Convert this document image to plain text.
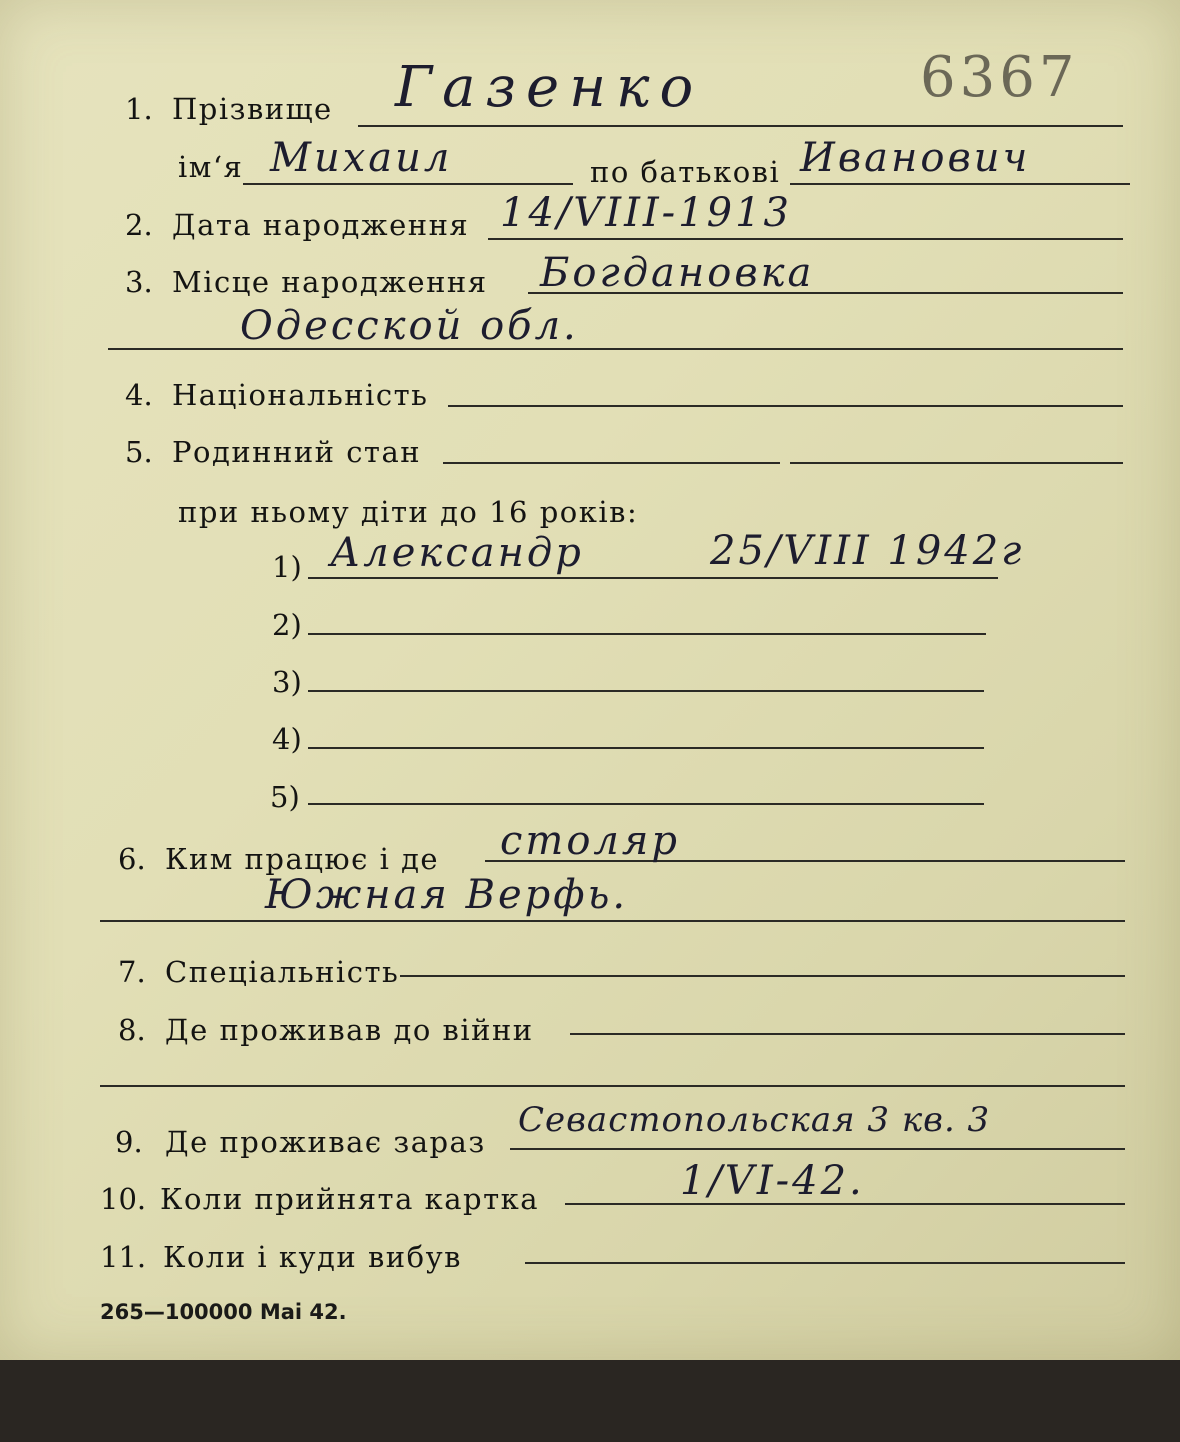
1. Прізвище Газенко	6367
ім‘я Михаил	по батькові Иванович
2. Дата народження 14/VIII-1913
3. Місце народження Богдановка
Одесской обл.
4. Національність
5. Родинний стан
при ньому діти до 16 років:
1) Александр	25/VIII 1942г
2)
3)
4)
5)
6. Ким працює і де столяр
Южная Верфь.
7. Спеціальність
8. Де проживав до війни
9. Де проживає зараз
Севастопольская 3 кв. 3
10. Коли прийнята картка	1/VI-42.
11. Коли і куди вибув
265—100000 Mai 42.
